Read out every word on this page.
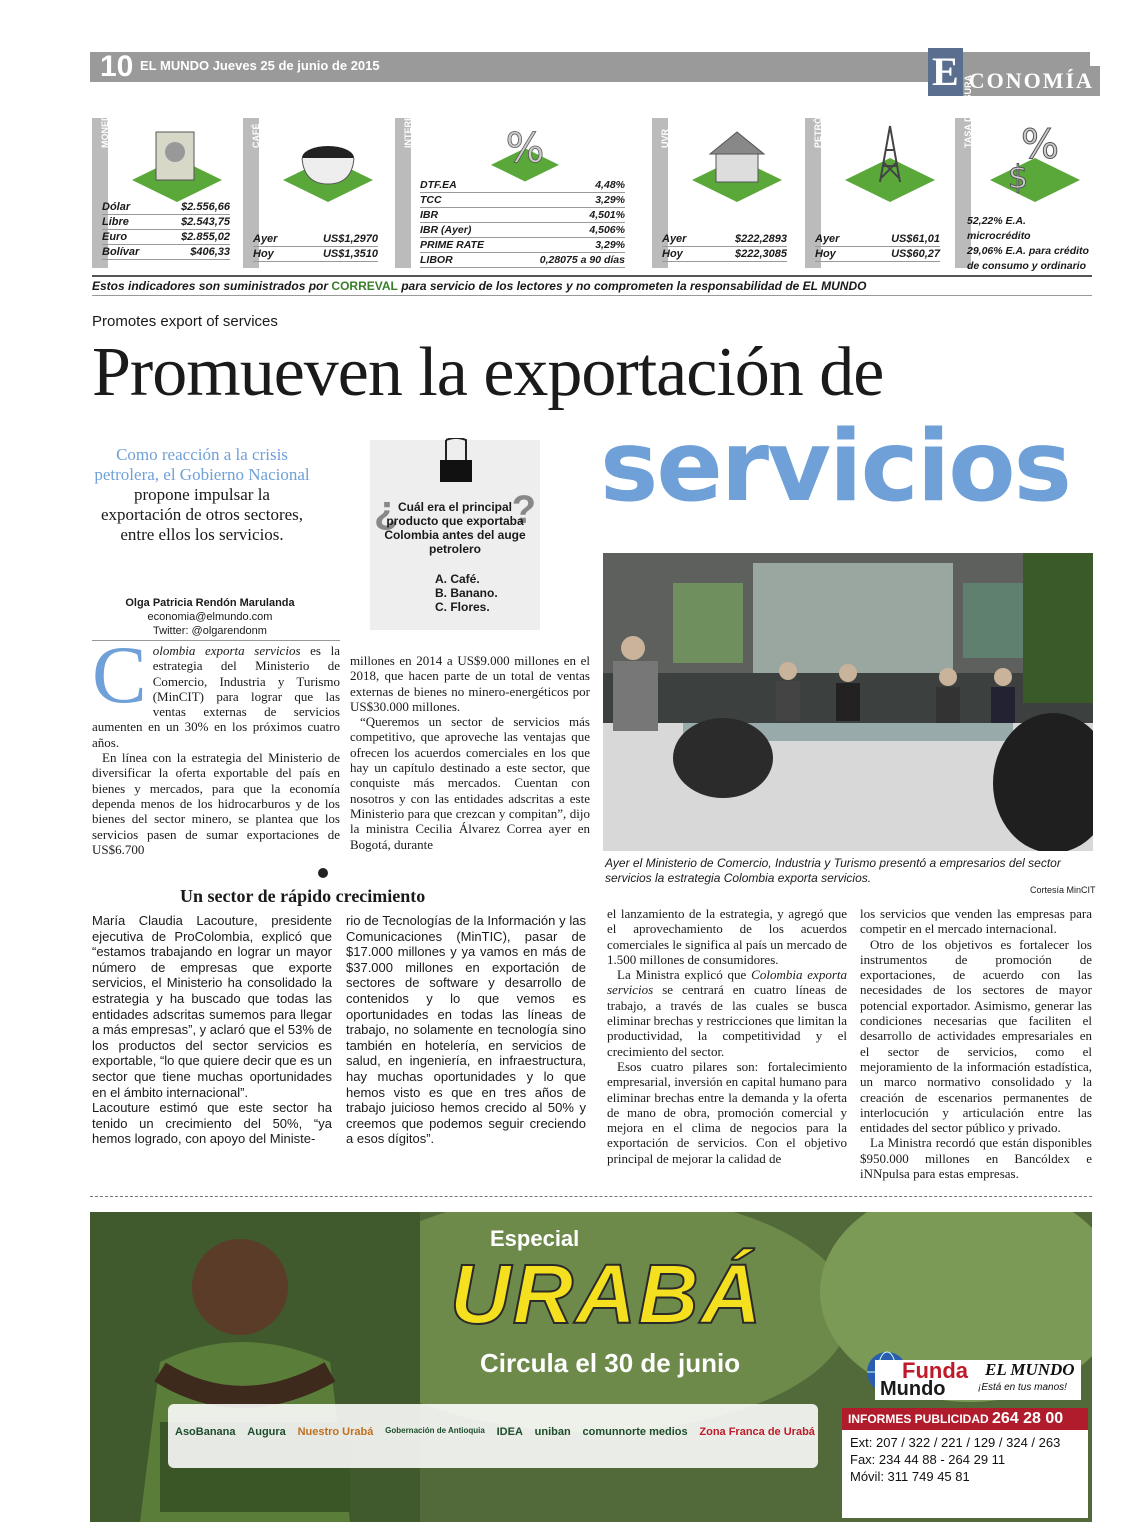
10 EL MUNDO Jueves 25 de junio de 2015	E CONOMÍA
MONEDA
Dólar	$2.556,66
Libre	$2.543,75
Euro	$2.855,02
Bolívar	$406,33
CAFÉ
Ayer	US$1,2970
Hoy	US$1,3510
INTERESES %
DTF.EA	4,48%
TCC	3,29%
IBR	4,501%
IBR (Ayer)	4,506%
PRIME RATE	3,29%
LIBOR	0,28075 a 90 días
UVR
Ayer	$222,2893
Hoy	$222,3085
PETRÓLEO
Ayer	US$61,01
Hoy	US$60,27
TASA DE USURA %
$
52,22% E.A. microcrédito
29,06% E.A. para crédito
de consumo y ordinario
Estos indicadores son suministrados por CORREVAL para servicio de los lectores y no comprometen la responsabilidad de EL MUNDO
Promotes export of services
Promueven la exportación de
servicios
Como reacción a la crisis petrolera, el Gobierno Nacional propone impulsar la exportación de otros sectores, entre ellos los servicios.
Olga Patricia Rendón Marulanda
economia@elmundo.com
Twitter: @olgarendonm
¿	?
Cuál era el principal producto que exportaba Colombia antes del auge petrolero
A. Café.
B. Banano.
C. Flores.
C olombia exporta servicios es la estrategia del Ministerio de Comercio, Industria y Turismo (MinCIT) para lograr que las ventas externas de servicios aumenten en un 30% en los próximos cuatro años.

En línea con la estrategia del Ministerio de diversificar la oferta exportable del país en bienes y mercados, para que la economía dependa menos de los hidrocarburos y de los bienes del sector minero, se plantea que los servicios pasen de sumar exportaciones de US$6.700

millones en 2014 a US$9.000 millones en el 2018, que hacen parte de un total de ventas externas de bienes no minero-energéticos por US$30.000 millones.

“Queremos un sector de servicios más competitivo, que aproveche las ventajas que ofrecen los acuerdos comerciales en los que hay un capítulo destinado a este sector, que conquiste más mercados. Cuentan con nosotros y con las entidades adscritas a este Ministerio para que crezcan y compitan”, dijo la ministra Cecilia Álvarez Correa ayer en Bogotá, durante

Ayer el Ministerio de Comercio, Industria y Turismo presentó a empresarios del sector servicios la estrategia Colombia exporta servicios.
Cortesía MinCIT
Un sector de rápido crecimiento

María Claudia Lacouture, presidente ejecutiva de ProColombia, explicó que “estamos trabajando en lograr un mayor número de empresas que exporte servicios, el Ministerio ha consolidado la estrategia y ha buscado que todas las entidades adscritas sumemos para llegar a más empresas”, y aclaró que el 53% de los productos del sector servicios es exportable, “lo que quiere decir que es un sector que tiene muchas oportunidades en el ámbito internacional”.

Lacouture estimó que este sector ha tenido un crecimiento del 50%, “ya hemos logrado, con apoyo del Ministe-

rio de Tecnologías de la Información y las Comunicaciones (MinTIC), pasar de $17.000 millones y ya vamos en más de $37.000 millones en exportación de sectores de software y desarrollo de contenidos y lo que vemos es oportunidades en todas las líneas de trabajo, no solamente en tecnología sino también en hotelería, en servicios de salud, en ingeniería, en infraestructura, hay muchas oportunidades y lo que hemos visto es que en tres años de trabajo juicioso hemos crecido al 50% y creemos que podemos seguir creciendo a esos dígitos”.

el lanzamiento de la estrategia, y agregó que el aprovechamiento de los acuerdos comerciales le significa al país un mercado de 1.500 millones de consumidores.

La Ministra explicó que Colombia exporta servicios se centrará en cuatro líneas de trabajo, a través de las cuales se busca eliminar brechas y restricciones que limitan la productividad, la competitividad y el crecimiento del sector.

Esos cuatro pilares son: fortalecimiento empresarial, inversión en capital humano para eliminar brechas entre la demanda y la oferta de mano de obra, promoción comercial y mejora en el clima de negocios para la exportación de servicios. Con el objetivo principal de mejorar la calidad de

los servicios que venden las empresas para competir en el mercado internacional.

Otro de los objetivos es fortalecer los instrumentos de promoción de exportaciones, de acuerdo con las necesidades de los sectores de mayor potencial exportador. Asimismo, generar las condiciones necesarias que faciliten el desarrollo de actividades empresariales en el sector de servicios, como el mejoramiento de la información estadística, un marco normativo consolidado y la creación de escenarios permanentes de interlocución y articulación entre las entidades del sector público y privado.

La Ministra recordó que están disponibles $950.000 millones en Bancóldex e iNNpulsa para estas empresas.

Especial
URABÁ
Circula el 30 de junio	Funda
Mundo
EL MUNDO
¡Está en tus manos!
INFORMES PUBLICIDAD 264 28 00
Ext: 207 / 322 / 221 / 129 / 324 / 263
Fax: 234 44 88 - 264 29 11
Móvil: 311 749 45 81
AsoBanana Augura Nuestro Urabá Gobernación de Antioquia IDEA uniban comunnorte medios Zona Franca de Urabá
